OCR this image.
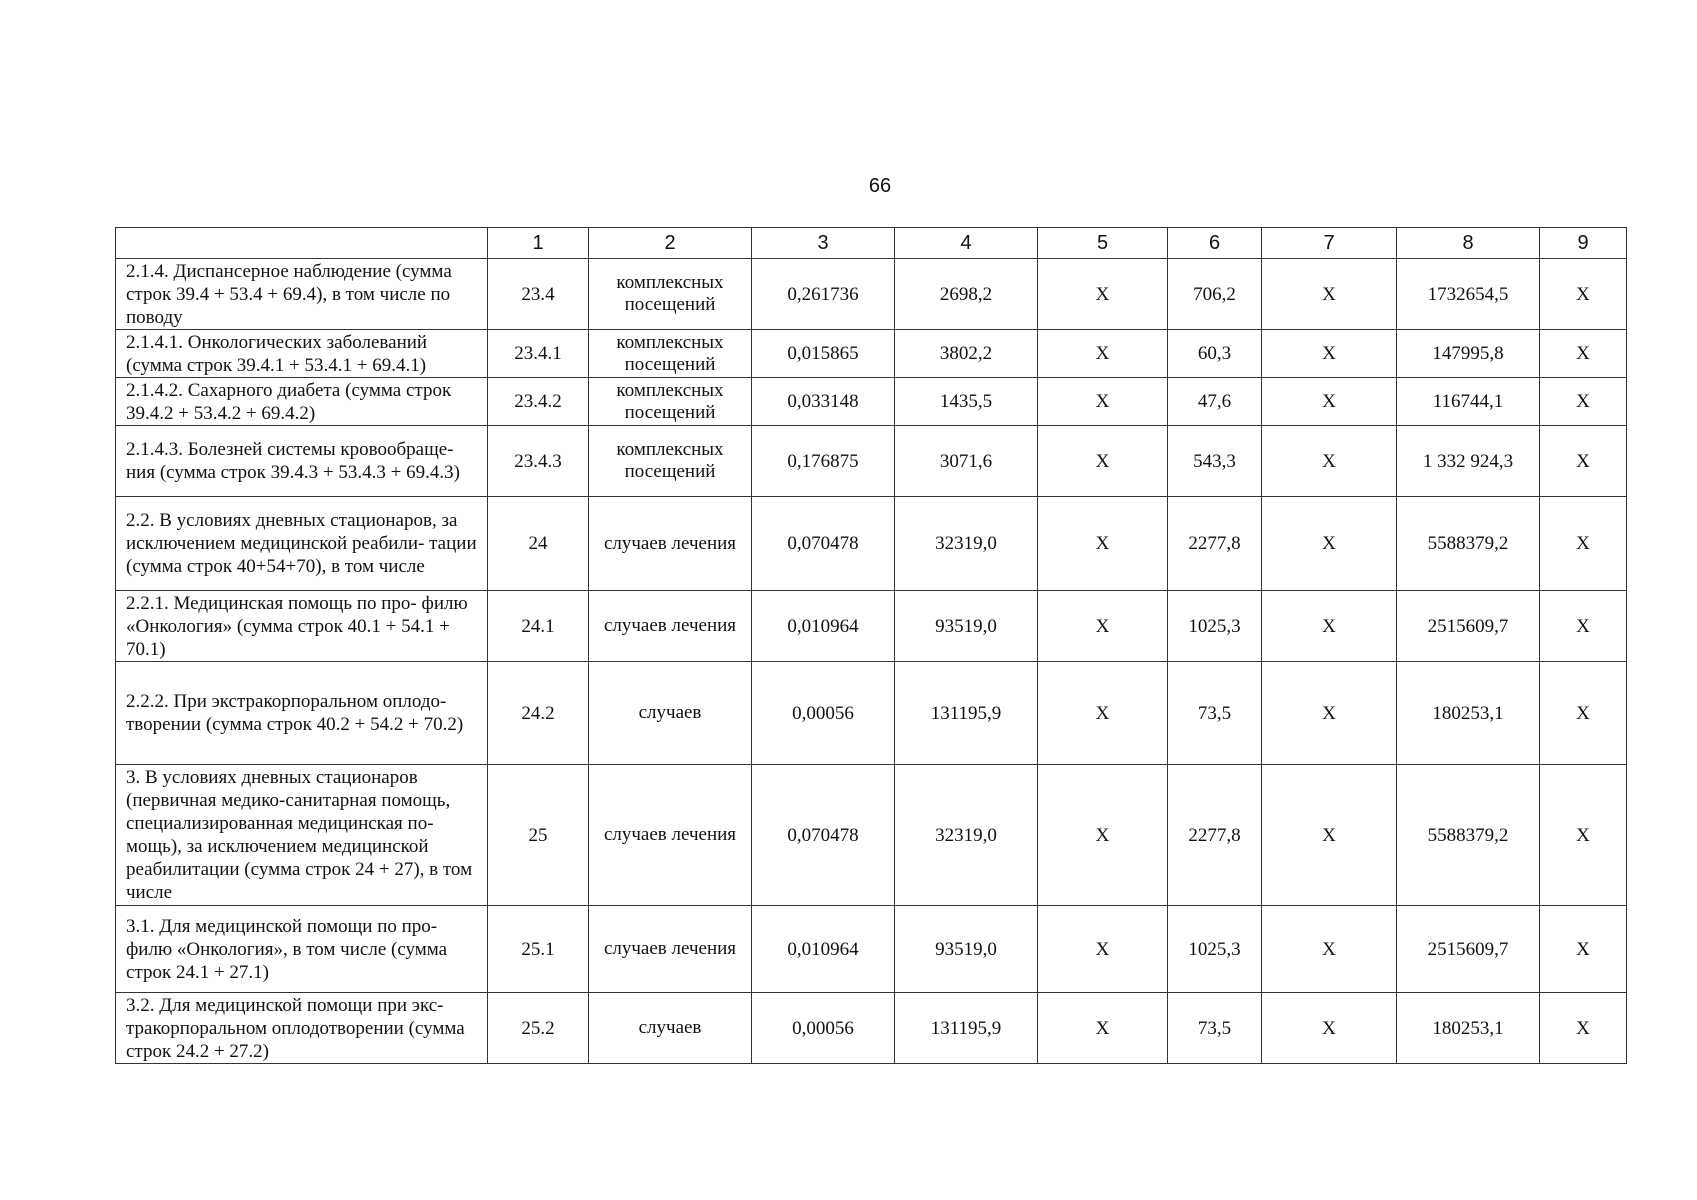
66
	1	2	3	4	5	6	7	8	9
2.1.4. Диспансерное наблюдение (сумма строк 39.4 + 53.4 + 69.4), в том числе по поводу	23.4	комплексных посещений	0,261736	2698,2	X	706,2	X	1732654,5	X
2.1.4.1. Онкологических заболеваний (сумма строк 39.4.1 + 53.4.1 + 69.4.1)	23.4.1	комплексных посещений	0,015865	3802,2	X	60,3	X	147995,8	X
2.1.4.2. Сахарного диабета (сумма строк 39.4.2 + 53.4.2 + 69.4.2)	23.4.2	комплексных посещений	0,033148	1435,5	X	47,6	X	116744,1	X
2.1.4.3. Болезней системы кровообраще- ния (сумма строк 39.4.3 + 53.4.3 + 69.4.3)	23.4.3	комплексных посещений	0,176875	3071,6	X	543,3	X	1 332 924,3	X
2.2. В условиях дневных стационаров, за исключением медицинской реабили- тации (сумма строк 40+54+70), в том числе	24	случаев лечения	0,070478	32319,0	X	2277,8	X	5588379,2	X
2.2.1. Медицинская помощь по про- филю «Онкология» (сумма строк 40.1 + 54.1 + 70.1)	24.1	случаев лечения	0,010964	93519,0	X	1025,3	X	2515609,7	X
2.2.2. При экстракорпоральном оплодо- творении (сумма строк 40.2 + 54.2 + 70.2)	24.2	случаев	0,00056	131195,9	X	73,5	X	180253,1	X
3. В условиях дневных стационаров (первичная медико-санитарная помощь, специализированная медицинская по- мощь), за исключением медицинской реабилитации (сумма строк 24 + 27), в том числе	25	случаев лечения	0,070478	32319,0	X	2277,8	X	5588379,2	X
3.1. Для медицинской помощи по про- филю «Онкология», в том числе (сумма строк 24.1 + 27.1)	25.1	случаев лечения	0,010964	93519,0	X	1025,3	X	2515609,7	X
3.2. Для медицинской помощи при экс- тракорпоральном оплодотворении (сумма строк 24.2 + 27.2)	25.2	случаев	0,00056	131195,9	X	73,5	X	180253,1	X
